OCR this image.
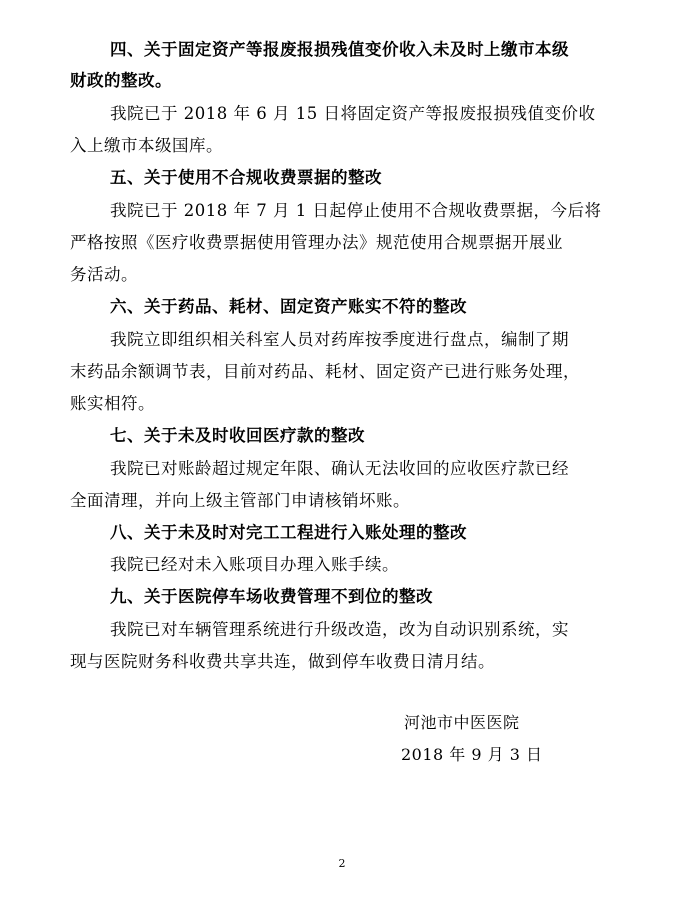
四、关于固定资产等报废报损残值变价收入未及时上缴市本级
财政的整改。
我院已于 2018 年 6 月 15 日将固定资产等报废报损残值变价收
入上缴市本级国库。
五、关于使用不合规收费票据的整改
我院已于 2018 年 7 月 1 日起停止使用不合规收费票据，今后将
严格按照《医疗收费票据使用管理办法》规范使用合规票据开展业
务活动。
六、关于药品、耗材、固定资产账实不符的整改
我院立即组织相关科室人员对药库按季度进行盘点，编制了期
末药品余额调节表，目前对药品、耗材、固定资产已进行账务处理，
账实相符。
七、关于未及时收回医疗款的整改
我院已对账龄超过规定年限、确认无法收回的应收医疗款已经
全面清理，并向上级主管部门申请核销坏账。
八、关于未及时对完工工程进行入账处理的整改
我院已经对未入账项目办理入账手续。
九、关于医院停车场收费管理不到位的整改
我院已对车辆管理系统进行升级改造，改为自动识别系统，实
现与医院财务科收费共享共连，做到停车收费日清月结。
河池市中医医院
2018 年 9 月 3 日
2
